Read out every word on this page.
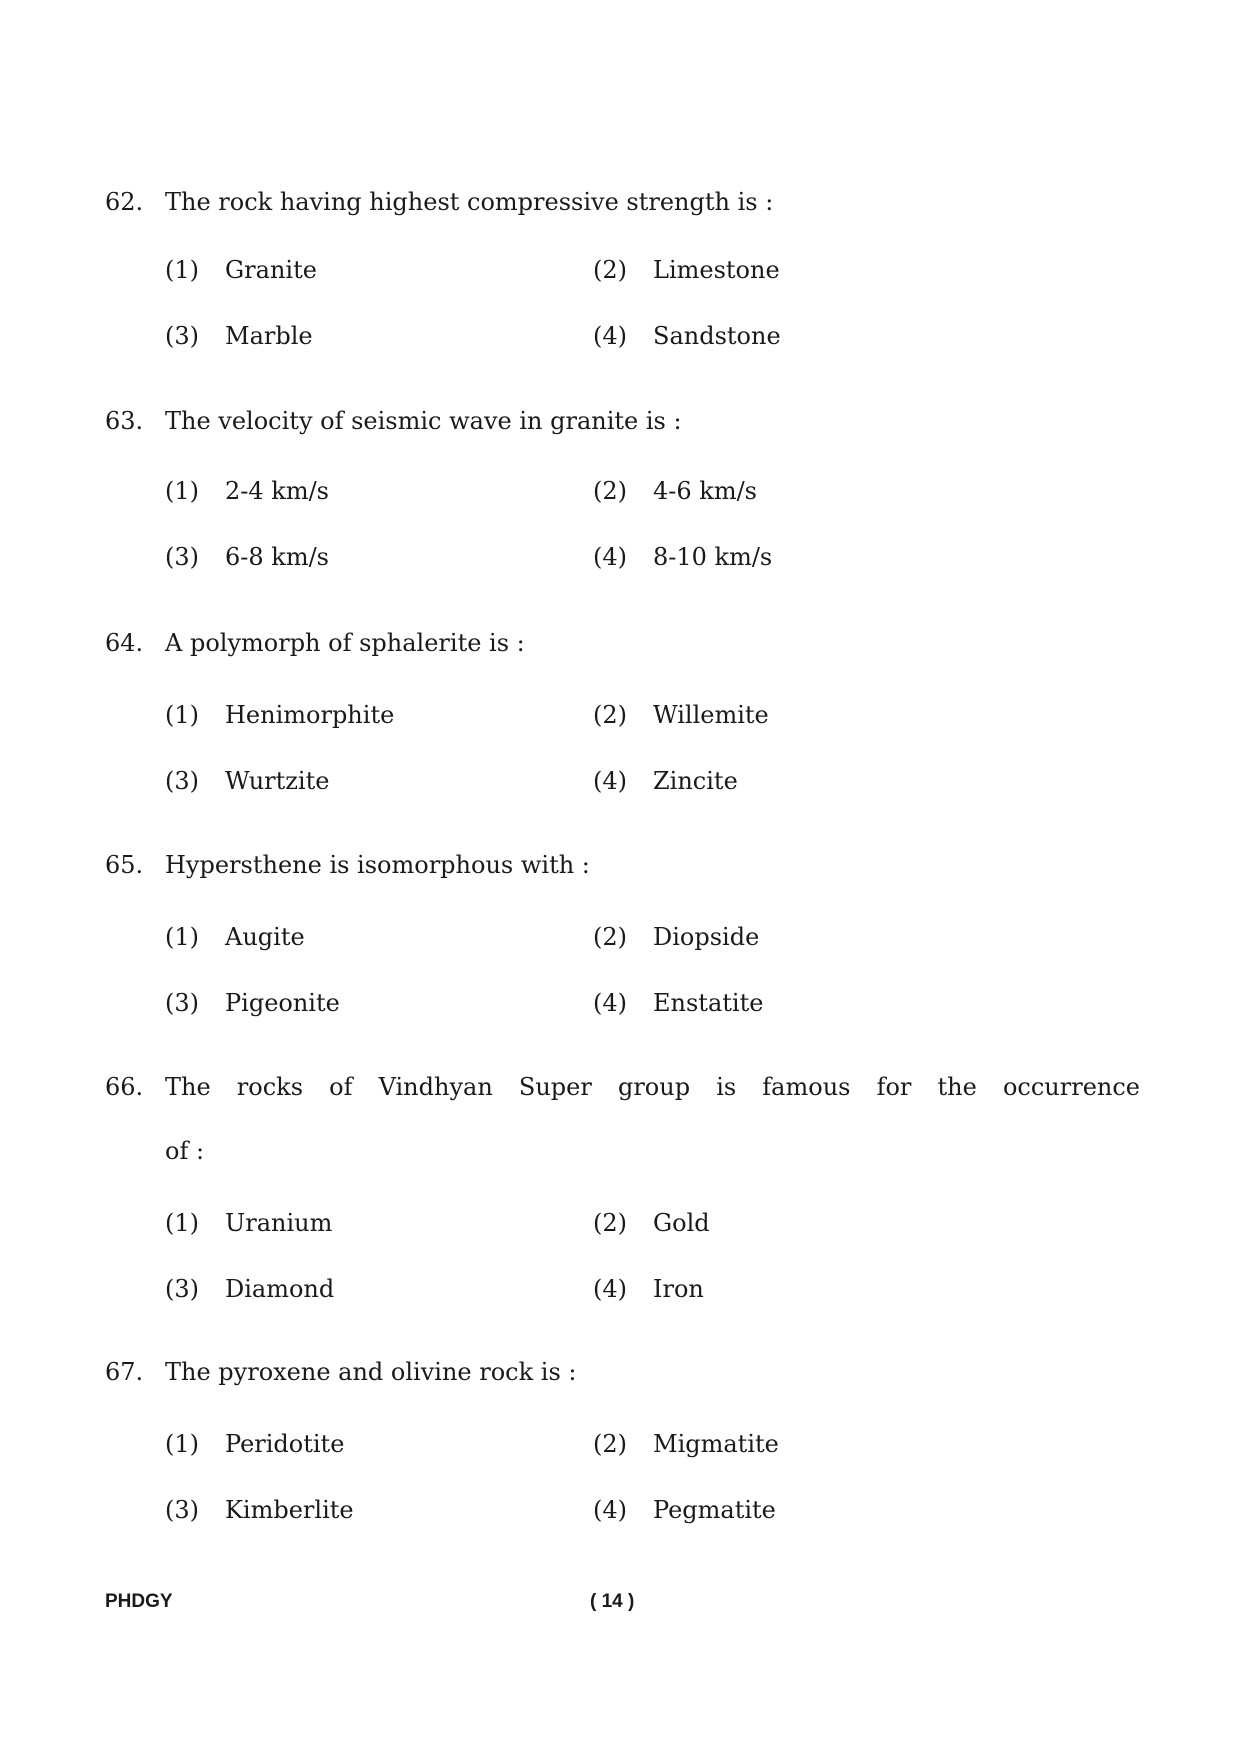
62. The rock having highest compressive strength is :
(1)	Granite	(2)	Limestone
(3)	Marble	(4)	Sandstone
63. The velocity of seismic wave in granite is :
(1)	2-4 km/s	(2)	4-6 km/s
(3)	6-8 km/s	(4)	8-10 km/s
64. A polymorph of sphalerite is :
(1)	Henimorphite	(2)	Willemite
(3)	Wurtzite	(4)	Zincite
65. Hypersthene is isomorphous with :
(1)	Augite	(2)	Diopside
(3)	Pigeonite	(4)	Enstatite
66. The rocks of Vindhyan Super group is famous for the occurrence
of :
(1)	Uranium	(2)	Gold
(3)	Diamond	(4)	Iron
67. The pyroxene and olivine rock is :
(1)	Peridotite	(2)	Migmatite
(3)	Kimberlite	(4)	Pegmatite
PHDGY	( 14 )
